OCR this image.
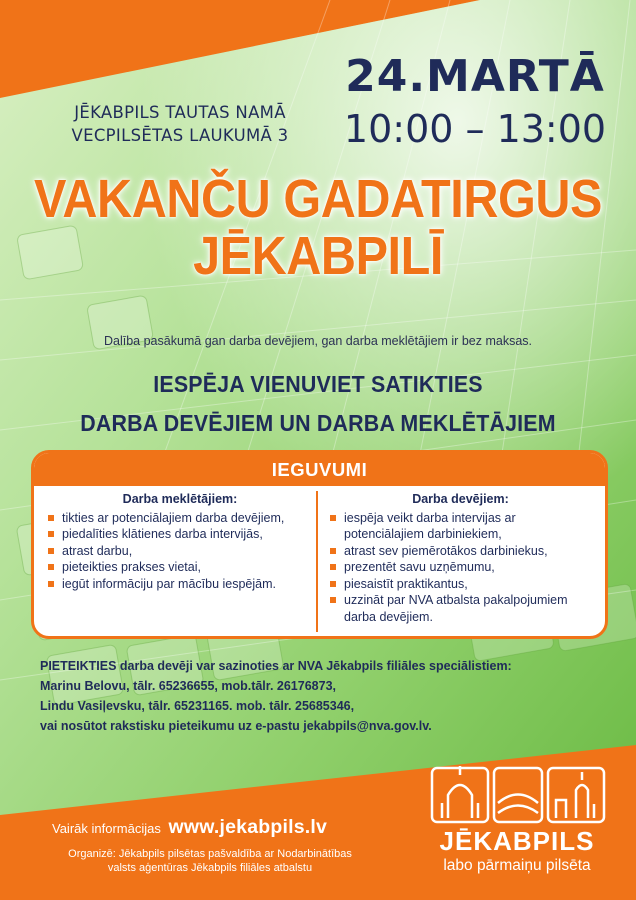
JĒKABPILS TAUTAS NAMĀ
VECPILSĒTAS LAUKUMĀ 3
24.MARTĀ
10:00 – 13:00
VAKANČU GADATIRGUS
JĒKABPILĪ
Dalība pasākumā gan darba devējiem, gan darba meklētājiem ir bez maksas.
IESPĒJA VIENUVIET SATIKTIES
DARBA DEVĒJIEM UN DARBA MEKLĒTĀJIEM
IEGUVUMI
Darba meklētājiem:
tikties ar potenciālajiem darba devējiem,
piedalīties klātienes darba intervijās,
atrast darbu,
pieteikties prakses vietai,
iegūt informāciju par mācību iespējām.
Darba devējiem:
iespēja veikt darba intervijas ar potenciālajiem darbiniekiem,
atrast sev piemērotākos darbiniekus,
prezentēt savu uzņēmumu,
piesaistīt praktikantus,
uzzināt par NVA atbalsta pakalpojumiem darba devējiem.
PIETEIKTIES darba devēji var sazinoties ar NVA Jēkabpils filiāles speciālistiem:
Marinu Belovu, tālr. 65236655, mob.tālr. 26176873,
Lindu Vasiļevsku, tālr. 65231165. mob. tālr. 25685346,
vai nosūtot rakstisku pieteikumu uz e-pastu jekabpils@nva.gov.lv.
Vairāk informācijas www.jekabpils.lv
Organizē: Jēkabpils pilsētas pašvaldība ar Nodarbinātības
valsts aģentūras Jēkabpils filiāles atbalstu
JĒKABPILS
labo pārmaiņu pilsēta
